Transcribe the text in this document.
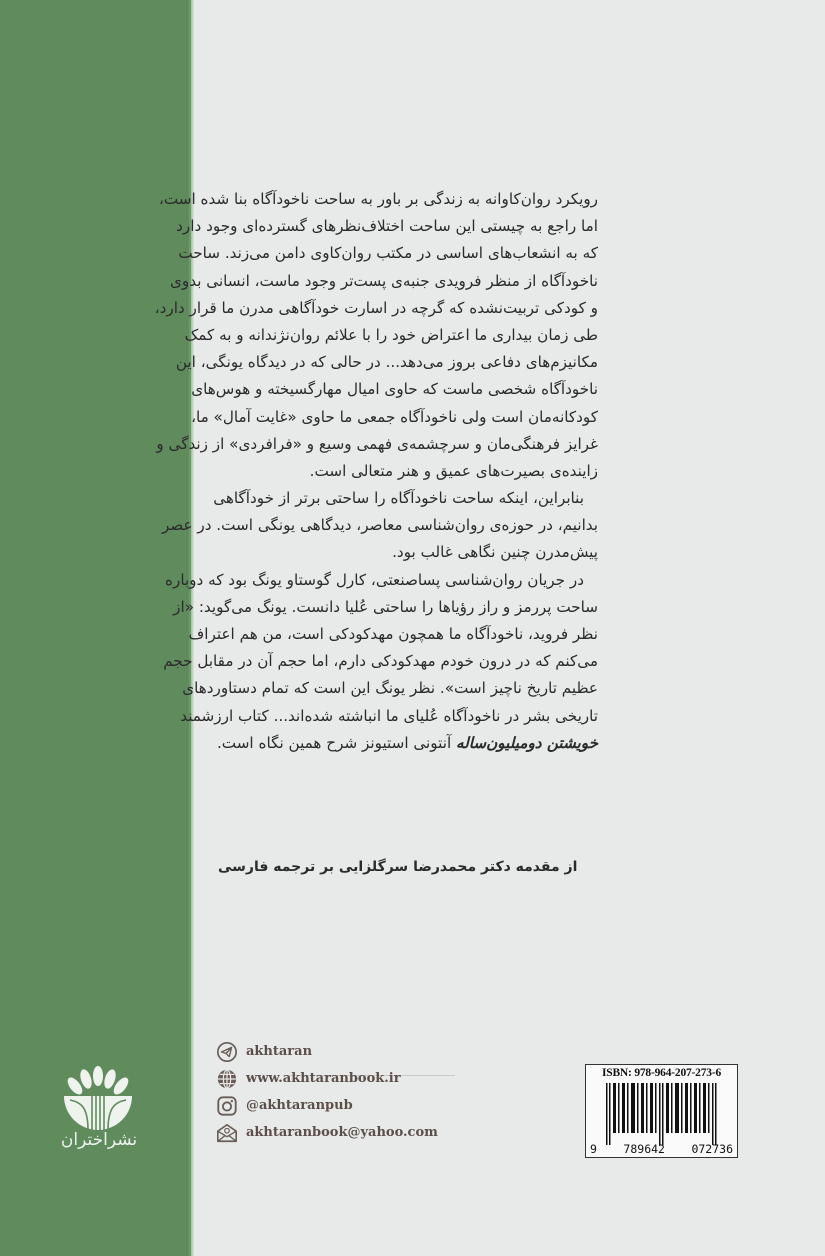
رویکرد روان‌کاوانه به زندگی بر باور به ساحت ناخودآگاه بنا شده است،
اما راجع به چیستی این ساحت اختلاف‌نظرهای گسترده‌ای وجود دارد
که به انشعاب‌های اساسی در مکتب روان‌کاوی دامن می‌زند. ساحت
ناخودآگاه از منظر فرویدی جنبه‌ی پست‌تر وجود ماست، انسانی بدوی
و کودکی تربیت‌نشده که گرچه در اسارت خودآگاهی مدرن ما قرار دارد،
طی زمان بیداری ما اعتراض خود را با علائم روان‌نژندانه و به کمک
مکانیزم‌های دفاعی بروز می‌دهد... در حالی که در دیدگاه یونگی، این
ناخودآگاه شخصی ماست که حاوی امیال مهارگسیخته و هوس‌های
کودکانه‌مان است ولی ناخودآگاه جمعی ما حاوی «غایت آمال» ما،
غرایز فرهنگی‌مان و سرچشمه‌ی فهمی وسیع و «فرافردی» از زندگی و
زاینده‌ی بصیرت‌های عمیق و هنر متعالی است.
بنابراین، اینکه ساحت ناخودآگاه را ساحتی برتر از خودآگاهی
بدانیم، در حوزه‌ی روان‌شناسی معاصر، دیدگاهی یونگی است. در عصر
پیش‌مدرن چنین نگاهی غالب بود.
در جریان روان‌شناسی پساصنعتی، کارل گوستاو یونگ بود که دوباره
ساحت پررمز و راز رؤیاها را ساحتی عُلیا دانست. یونگ می‌گوید: «از
نظر فروید، ناخودآگاه ما همچون مهدکودکی است، من هم اعتراف
می‌کنم که در درون خودم مهدکودکی دارم، اما حجم آن در مقابل حجم
عظیم تاریخ ناچیز است». نظر یونگ این است که تمام دستاوردهای
تاریخی بشر در ناخودآگاه عُلیای ما انباشته شده‌اند... کتاب ارزشمند
خویشتن دومیلیون‌ساله آنتونی استیونز شرح همین نگاه است.
از مقدمه دکتر محمدرضا سرگلزایی بر ترجمه فارسی
akhtaran
www.akhtaranbook.ir
@akhtaranpub
akhtaranbook@yahoo.com
ISBN: 978-964-207-273-6
9 789642 072736
نشراختران
